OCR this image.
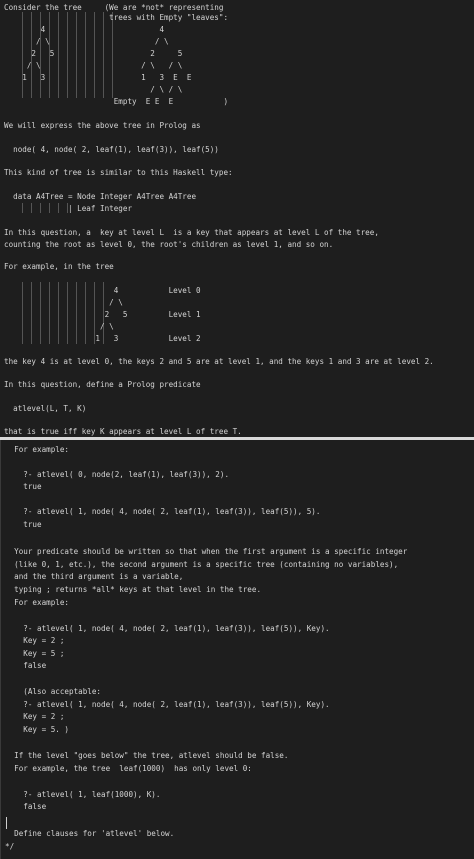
Consider the tree     (We are *not* representing
trees with Empty "leaves":
4                         4
/ \                       / \
2   5                     2     5
/ \                      / \   / \
1   3                     1   3  E  E
/ \ / \
Empty  E E  E           )
We will express the above tree in Prolog as
node( 4, node( 2, leaf(1), leaf(3)), leaf(5))
This kind of tree is similar to this Haskell type:
data A4Tree = Node Integer A4Tree A4Tree
| Leaf Integer
In this question, a  key at level L  is a key that appears at level L of the tree,
counting the root as level 0, the root's children as level 1, and so on.
For example, in the tree
4           Level 0
/ \
2   5         Level 1
/ \
1   3           Level 2
the key 4 is at level 0, the keys 2 and 5 are at level 1, and the keys 1 and 3 are at level 2.
In this question, define a Prolog predicate
atlevel(L, T, K)
that is true iff key K appears at level L of tree T.
For example:
?- atlevel( 0, node(2, leaf(1), leaf(3)), 2).
true
?- atlevel( 1, node( 4, node( 2, leaf(1), leaf(3)), leaf(5)), 5).
true
Your predicate should be written so that when the first argument is a specific integer
(like 0, 1, etc.), the second argument is a specific tree (containing no variables),
and the third argument is a variable,
typing ; returns *all* keys at that level in the tree.
For example:
?- atlevel( 1, node( 4, node( 2, leaf(1), leaf(3)), leaf(5)), Key).
Key = 2 ;
Key = 5 ;
false
(Also acceptable:
?- atlevel( 1, node( 4, node( 2, leaf(1), leaf(3)), leaf(5)), Key).
Key = 2 ;
Key = 5. )
If the level "goes below" the tree, atlevel should be false.
For example, the tree  leaf(1000)  has only level 0:
?- atlevel( 1, leaf(1000), K).
false
Define clauses for 'atlevel' below.
*/
